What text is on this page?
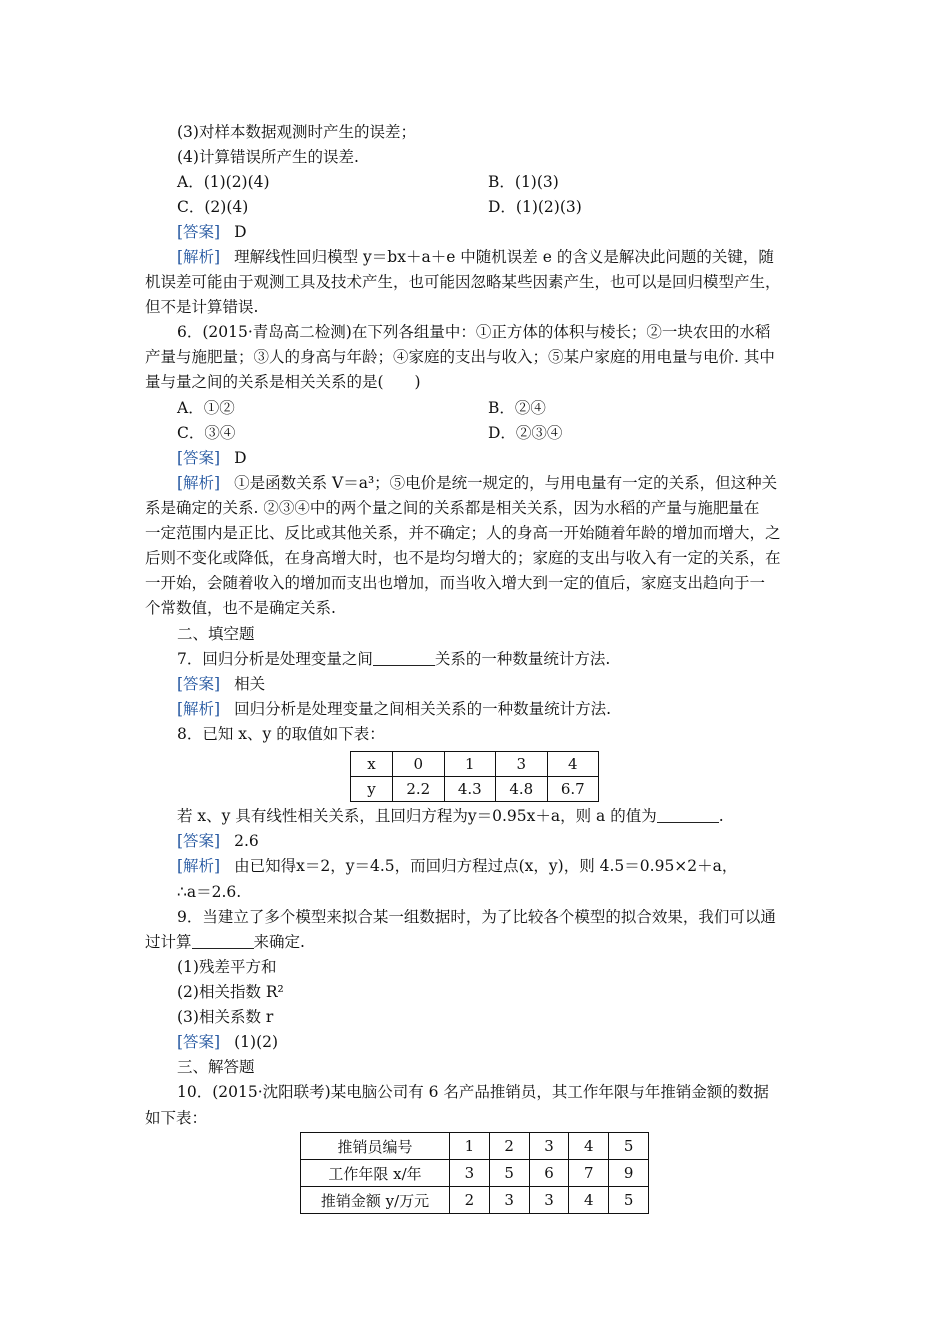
(3)对样本数据观测时产生的误差；
(4)计算错误所产生的误差.
A．(1)(2)(4)	B．(1)(3)
C．(2)(4)	D．(1)(2)(3)
[答案] D
[解析] 理解线性回归模型 y＝bx＋a＋e 中随机误差 e 的含义是解决此问题的关键，随
机误差可能由于观测工具及技术产生，也可能因忽略某些因素产生，也可以是回归模型产生，
但不是计算错误.
6．(2015·青岛高二检测)在下列各组量中：①正方体的体积与棱长；②一块农田的水稻
产量与施肥量；③人的身高与年龄；④家庭的支出与收入；⑤某户家庭的用电量与电价. 其中
量与量之间的关系是相关关系的是(　　)
A．①②	B．②④
C．③④	D．②③④
[答案] D
[解析] ①是函数关系 V＝a³；⑤电价是统一规定的，与用电量有一定的关系，但这种关
系是确定的关系. ②③④中的两个量之间的关系都是相关关系，因为水稻的产量与施肥量在
一定范围内是正比、反比或其他关系，并不确定；人的身高一开始随着年龄的增加而增大，之
后则不变化或降低，在身高增大时，也不是均匀增大的；家庭的支出与收入有一定的关系，在
一开始，会随着收入的增加而支出也增加，而当收入增大到一定的值后，家庭支出趋向于一
个常数值，也不是确定关系.
二、填空题
7．回归分析是处理变量之间	关系的一种数量统计方法.
[答案] 相关
[解析] 回归分析是处理变量之间相关关系的一种数量统计方法.
8．已知 x、y 的取值如下表：
x	0	1	3	4
y	2.2	4.3	4.8	6.7
若 x、y 具有线性相关关系，且回归方程为y＝0.95x＋a，则 a 的值为	.
[答案] 2.6
[解析] 由已知得x＝2，y＝4.5，而回归方程过点(x，y)，则 4.5＝0.95×2＋a，
∴a＝2.6.
9．当建立了多个模型来拟合某一组数据时，为了比较各个模型的拟合效果，我们可以通
过计算	来确定.
(1)残差平方和
(2)相关指数 R²
(3)相关系数 r
[答案] (1)(2)
三、解答题
10．(2015·沈阳联考)某电脑公司有 6 名产品推销员，其工作年限与年推销金额的数据
如下表：
推销员编号	1	2	3	4	5
工作年限 x/年	3	5	6	7	9
推销金额 y/万元	2	3	3	4	5
